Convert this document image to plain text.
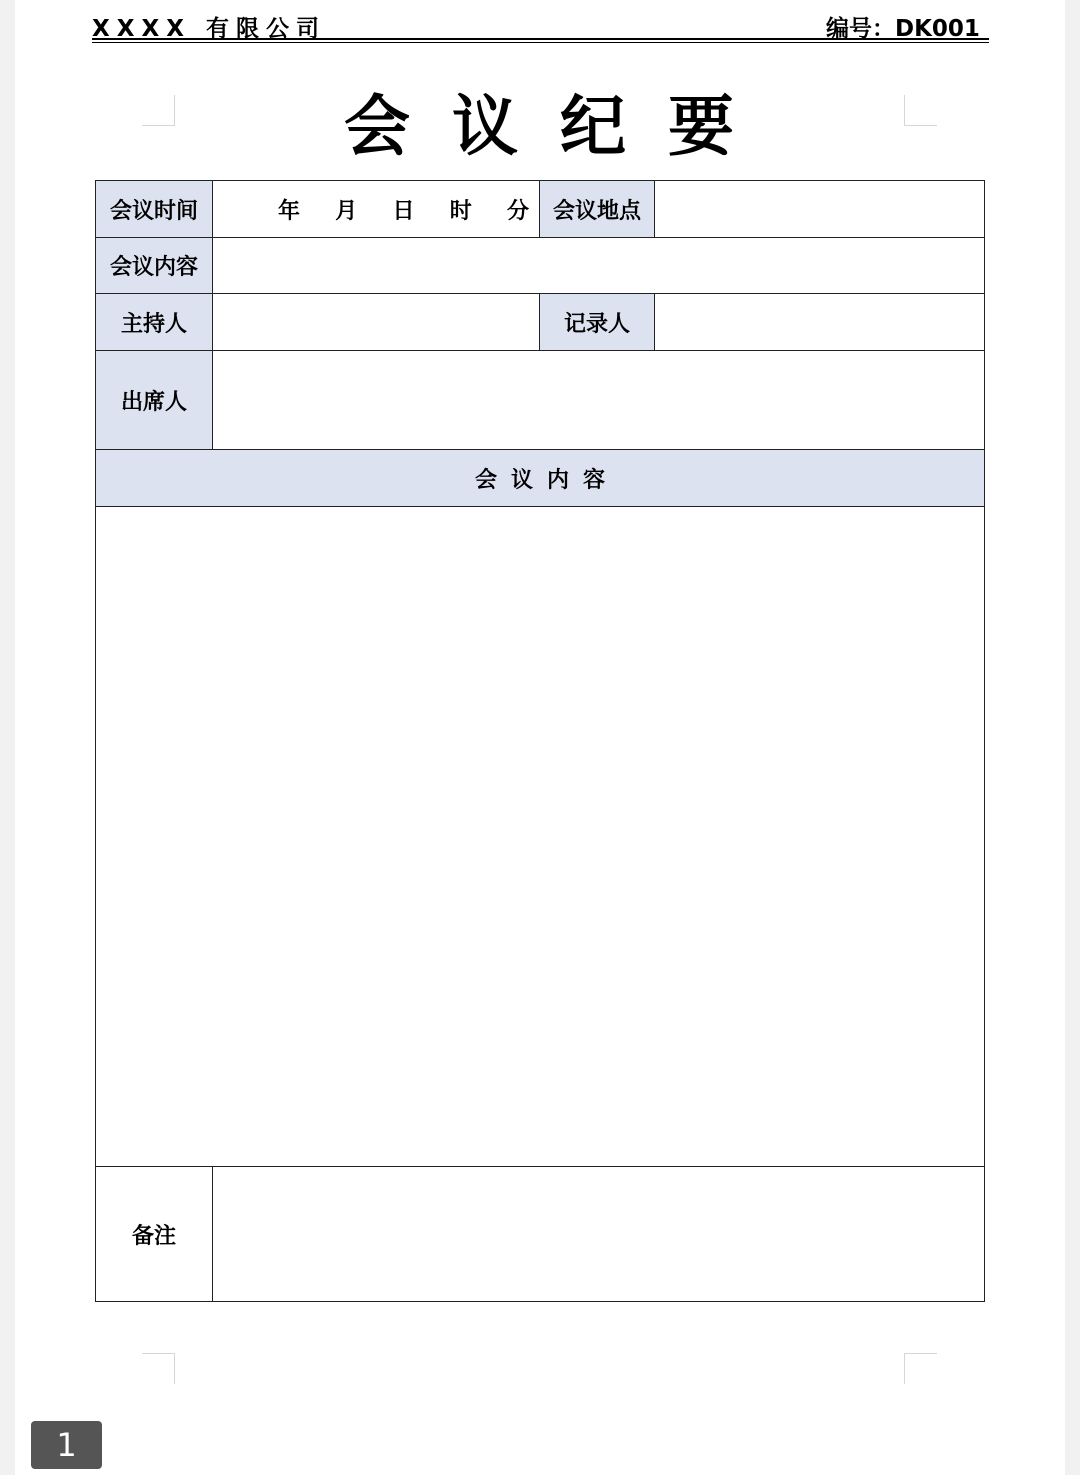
XXXX 有限公司	编号：DK001
会议纪要
会议时间	年 月 日 时 分	会议地点	
会议内容			
主持人		记录人	
出席人			
会议内容			

备注			
1
